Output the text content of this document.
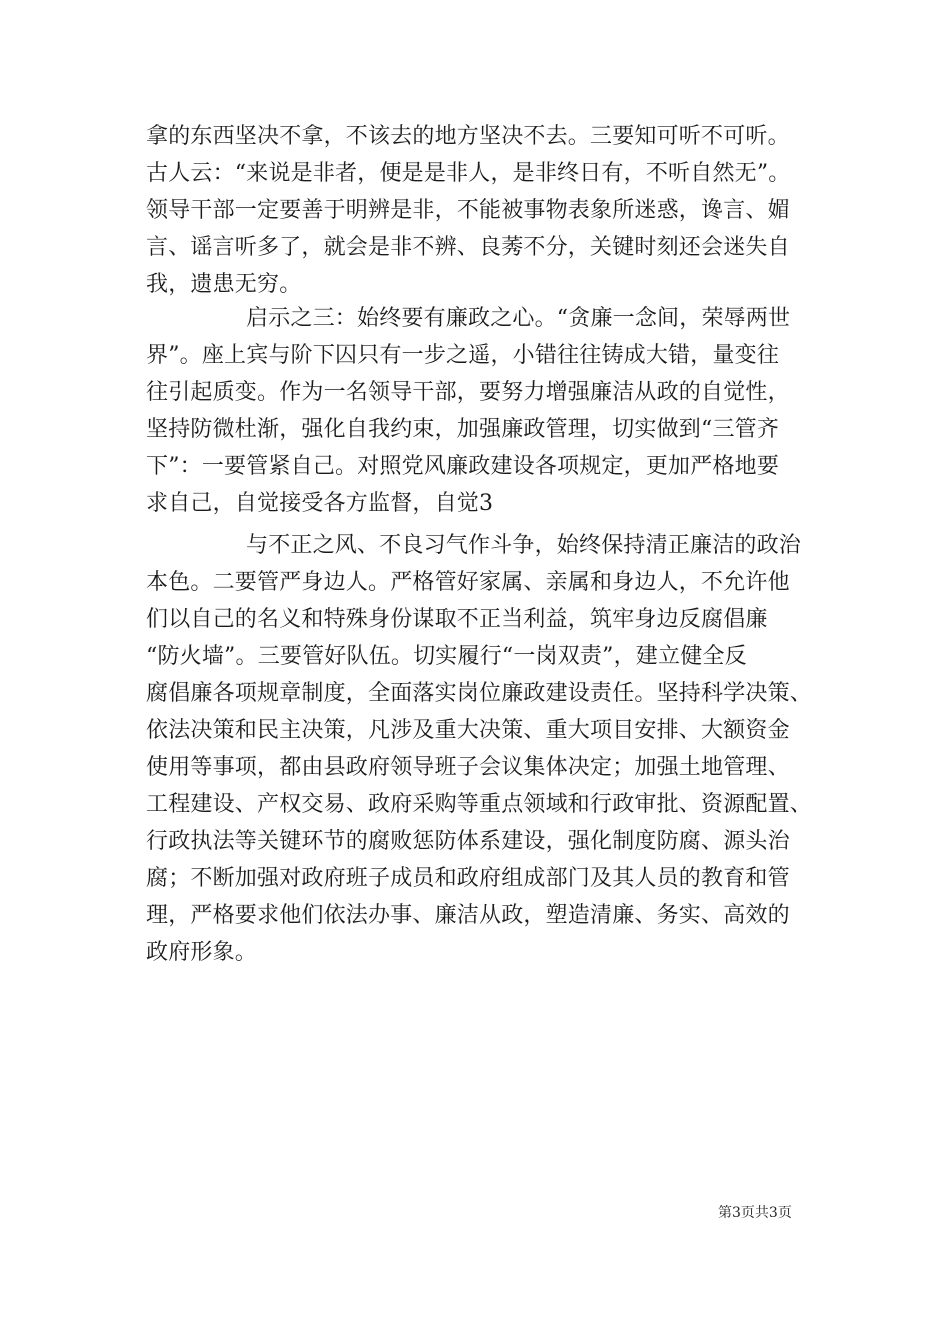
拿的东西坚决不拿，不该去的地方坚决不去。三要知可听不可听。
古人云：“来说是非者，便是是非人，是非终日有，不听自然无”。
领导干部一定要善于明辨是非，不能被事物表象所迷惑，谗言、媚
言、谣言听多了，就会是非不辨、良莠不分，关键时刻还会迷失自
我，遗患无穷。
启示之三：始终要有廉政之心。“贪廉一念间，荣辱两世
界”。座上宾与阶下囚只有一步之遥，小错往往铸成大错，量变往
往引起质变。作为一名领导干部，要努力增强廉洁从政的自觉性，
坚持防微杜渐，强化自我约束，加强廉政管理，切实做到“三管齐
下”：一要管紧自己。对照党风廉政建设各项规定，更加严格地要
求自己，自觉接受各方监督，自觉3
与不正之风、不良习气作斗争，始终保持清正廉洁的政治
本色。二要管严身边人。严格管好家属、亲属和身边人，不允许他
们以自己的名义和特殊身份谋取不正当利益，筑牢身边反腐倡廉
“防火墙”。三要管好队伍。切实履行“一岗双责”，建立健全反
腐倡廉各项规章制度，全面落实岗位廉政建设责任。坚持科学决策、
依法决策和民主决策，凡涉及重大决策、重大项目安排、大额资金
使用等事项，都由县政府领导班子会议集体决定；加强土地管理、
工程建设、产权交易、政府采购等重点领域和行政审批、资源配置、
行政执法等关键环节的腐败惩防体系建设，强化制度防腐、源头治
腐；不断加强对政府班子成员和政府组成部门及其人员的教育和管
理，严格要求他们依法办事、廉洁从政，塑造清廉、务实、高效的
政府形象。
第3页共3页
